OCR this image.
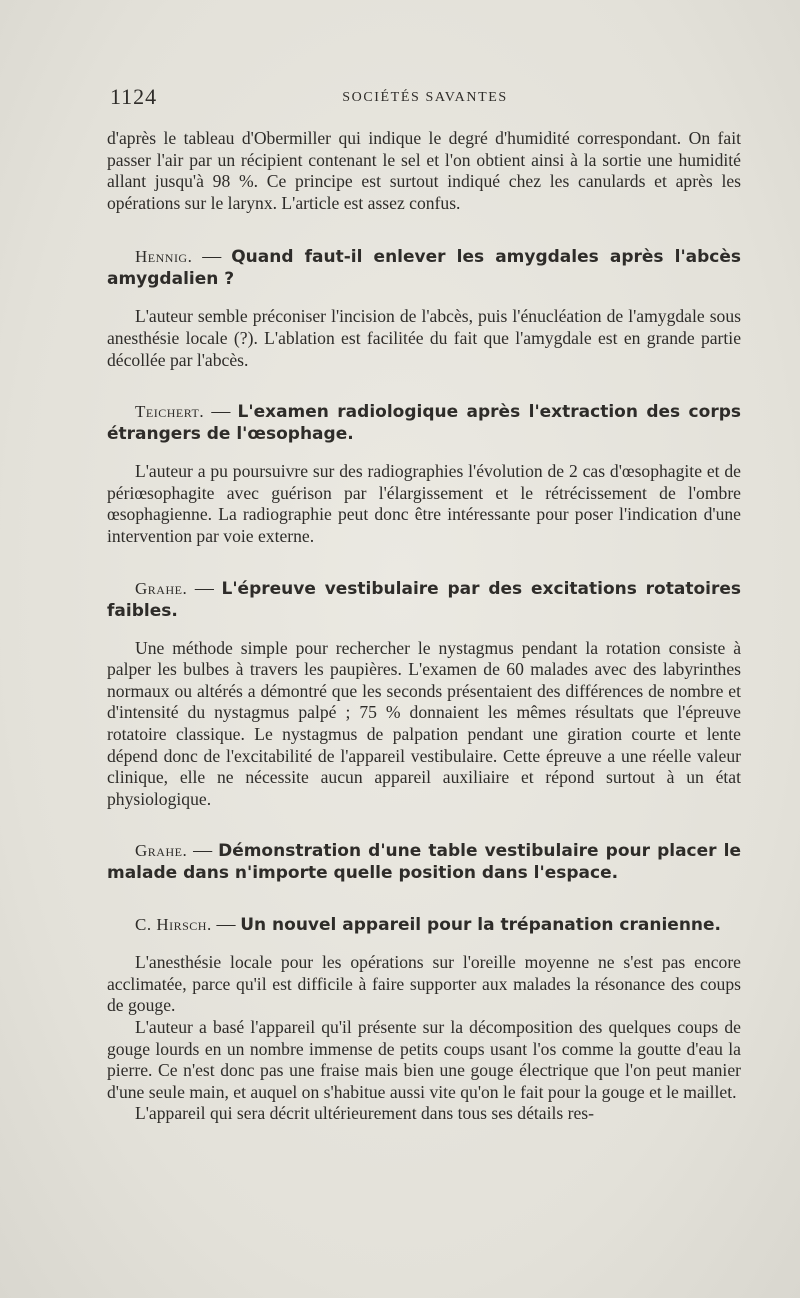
1124	SOCIÉTÉS SAVANTES

d'après le tableau d'Obermiller qui indique le degré d'humidité correspondant. On fait passer l'air par un récipient contenant le sel et l'on obtient ainsi à la sortie une humidité allant jusqu'à 98 %. Ce principe est surtout indiqué chez les canulards et après les opérations sur le larynx. L'article est assez confus.

Hennig. — Quand faut-il enlever les amygdales après l'abcès amygdalien ?

L'auteur semble préconiser l'incision de l'abcès, puis l'énucléation de l'amygdale sous anesthésie locale (?). L'ablation est facilitée du fait que l'amygdale est en grande partie décollée par l'abcès.

Teichert. — L'examen radiologique après l'extraction des corps étrangers de l'œsophage.

L'auteur a pu poursuivre sur des radiographies l'évolution de 2 cas d'œsophagite et de périœsophagite avec guérison par l'élargissement et le rétrécissement de l'ombre œsophagienne. La radiographie peut donc être intéressante pour poser l'indication d'une intervention par voie externe.

Grahe. — L'épreuve vestibulaire par des excitations rotatoires faibles.

Une méthode simple pour rechercher le nystagmus pendant la rotation consiste à palper les bulbes à travers les paupières. L'examen de 60 malades avec des labyrinthes normaux ou altérés a démontré que les seconds présentaient des différences de nombre et d'intensité du nystagmus palpé ; 75 % donnaient les mêmes résultats que l'épreuve rotatoire classique. Le nystagmus de palpation pendant une giration courte et lente dépend donc de l'excitabilité de l'appareil vestibulaire. Cette épreuve a une réelle valeur clinique, elle ne nécessite aucun appareil auxiliaire et répond surtout à un état physiologique.

Grahe. — Démonstration d'une table vestibulaire pour placer le malade dans n'importe quelle position dans l'espace.

C. Hirsch. — Un nouvel appareil pour la trépanation cranienne.

L'anesthésie locale pour les opérations sur l'oreille moyenne ne s'est pas encore acclimatée, parce qu'il est difficile à faire supporter aux malades la résonance des coups de gouge.

L'auteur a basé l'appareil qu'il présente sur la décomposition des quelques coups de gouge lourds en un nombre immense de petits coups usant l'os comme la goutte d'eau la pierre. Ce n'est donc pas une fraise mais bien une gouge électrique que l'on peut manier d'une seule main, et auquel on s'habitue aussi vite qu'on le fait pour la gouge et le maillet.

L'appareil qui sera décrit ultérieurement dans tous ses détails res-
